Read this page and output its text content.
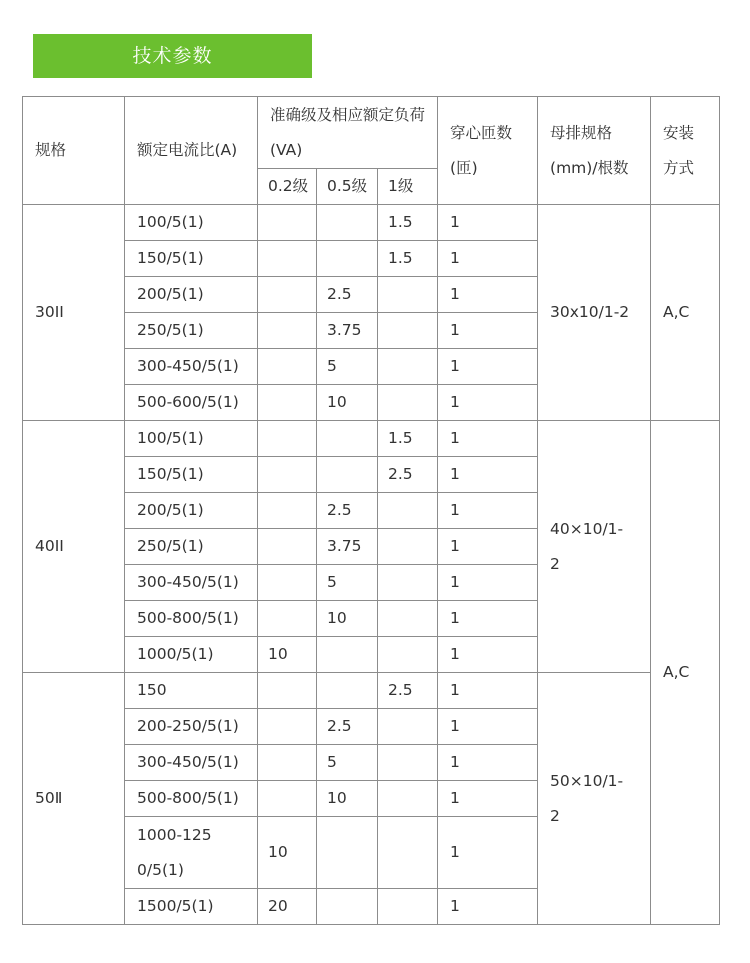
技术参数
规格	额定电流比(A)	准确级及相应额定负荷(VA)			穿心匝数(匝)	母排规格(mm)/根数	安装方式
		0.2级	0.5级	1级			
30II	100/5(1)			1.5	1	30x10/1-2	A,C
	150/5(1)			1.5	1		
	200/5(1)		2.5		1		
	250/5(1)		3.75		1		
	300-450/5(1)		5		1		
	500-600/5(1)		10		1		
40II	100/5(1)			1.5	1	40×10/1-2	A,C
	150/5(1)			2.5	1		
	200/5(1)		2.5		1		
	250/5(1)		3.75		1		
	300-450/5(1)		5		1		
	500-800/5(1)		10		1		
	1000/5(1)	10			1		
50Ⅱ	150			2.5	1	50×10/1-2	
	200-250/5(1)		2.5		1		
	300-450/5(1)		5		1		
	500-800/5(1)		10		1		
	1000-1250/5(1)	10			1		
	1500/5(1)	20			1		
